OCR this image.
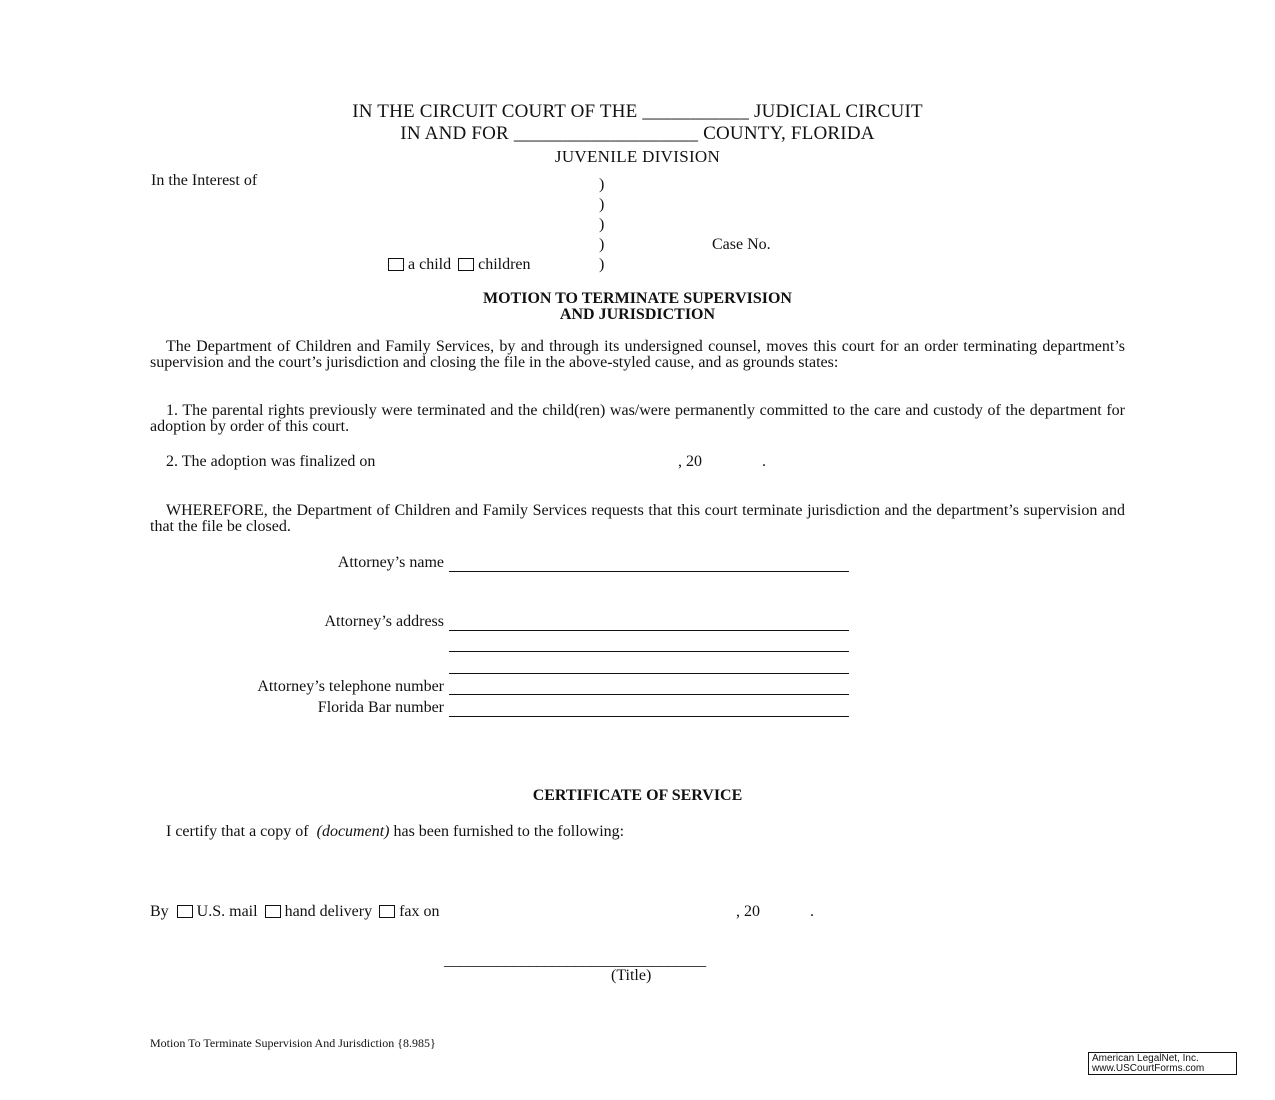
IN THE CIRCUIT COURT OF THE ___________ JUDICIAL CIRCUIT
IN AND FOR ___________________ COUNTY, FLORIDA
JUVENILE DIVISION
In the Interest of	)
)
)
)
)
Case No.
a child children
MOTION TO TERMINATE SUPERVISION
AND JURISDICTION
The Department of Children and Family Services, by and through its undersigned counsel, moves this court for an order terminating department’s supervision and the court’s jurisdiction and closing the file in the above-styled cause, and as grounds states:
1. The parental rights previously were terminated and the child(ren) was/were permanently committed to the care and custody of the department for adoption by order of this court.
2. The adoption was finalized on	, 20	.
WHEREFORE, the Department of Children and Family Services requests that this court terminate jurisdiction and the department’s supervision and that the file be closed.
Attorney’s name
Attorney’s address
Attorney’s telephone number
Florida Bar number
CERTIFICATE OF SERVICE
I certify that a copy of (document) has been furnished to the following:
By U.S. mail hand delivery fax on	, 20	.
__________________________________
(Title)
Motion To Terminate Supervision And Jurisdiction {8.985}
American LegalNet, Inc.
www.USCourtForms.com
